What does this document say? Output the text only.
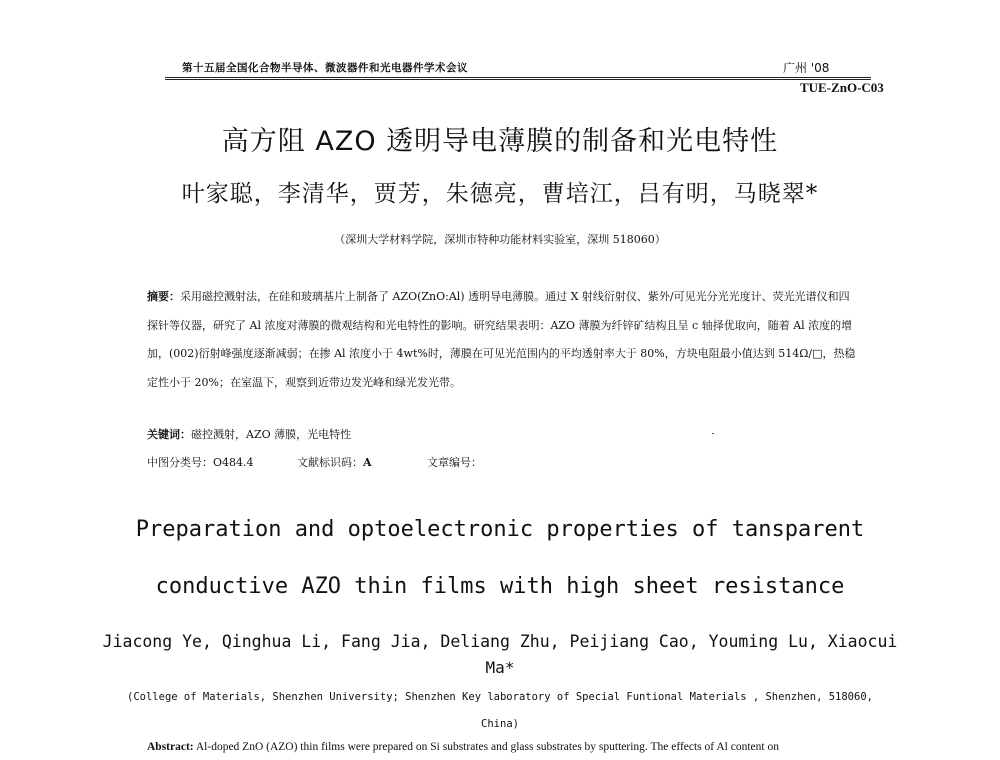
第十五届全国化合物半导体、微波器件和光电器件学术会议	广州 '08
TUE-ZnO-C03
高方阻 AZO 透明导电薄膜的制备和光电特性
叶家聪，李清华，贾芳，朱德亮，曹培江，吕有明，马晓翠*
（深圳大学材料学院，深圳市特种功能材料实验室，深圳 518060）
摘要：采用磁控溅射法，在硅和玻璃基片上制备了 AZO(ZnO:Al) 透明导电薄膜。通过 X 射线衍射仪、紫外/可见光分光光度计、荧光光谱仪和四探针等仪器，研究了 Al 浓度对薄膜的微观结构和光电特性的影响。研究结果表明：AZO 薄膜为纤锌矿结构且呈 c 轴择优取向，随着 Al 浓度的增加，(002)衍射峰强度逐渐减弱；在掺 Al 浓度小于 4wt%时，薄膜在可见光范围内的平均透射率大于 80%，方块电阻最小值达到 514Ω/□，热稳定性小于 20%；在室温下，观察到近带边发光峰和绿光发光带。
关键词：磁控溅射，AZO 薄膜，光电特性
中图分类号：O484.4	文献标识码：A	文章编号：
Preparation and optoelectronic properties of tansparent
conductive AZO thin films with high sheet resistance
Jiacong Ye, Qinghua Li, Fang Jia, Deliang Zhu, Peijiang Cao, Youming Lu, Xiaocui
Ma*
(College of Materials, Shenzhen University; Shenzhen Key laboratory of Special Funtional Materials , Shenzhen, 518060,
China)
Abstract: Al-doped ZnO (AZO) thin films were prepared on Si substrates and glass substrates by sputtering. The effects of Al content on
